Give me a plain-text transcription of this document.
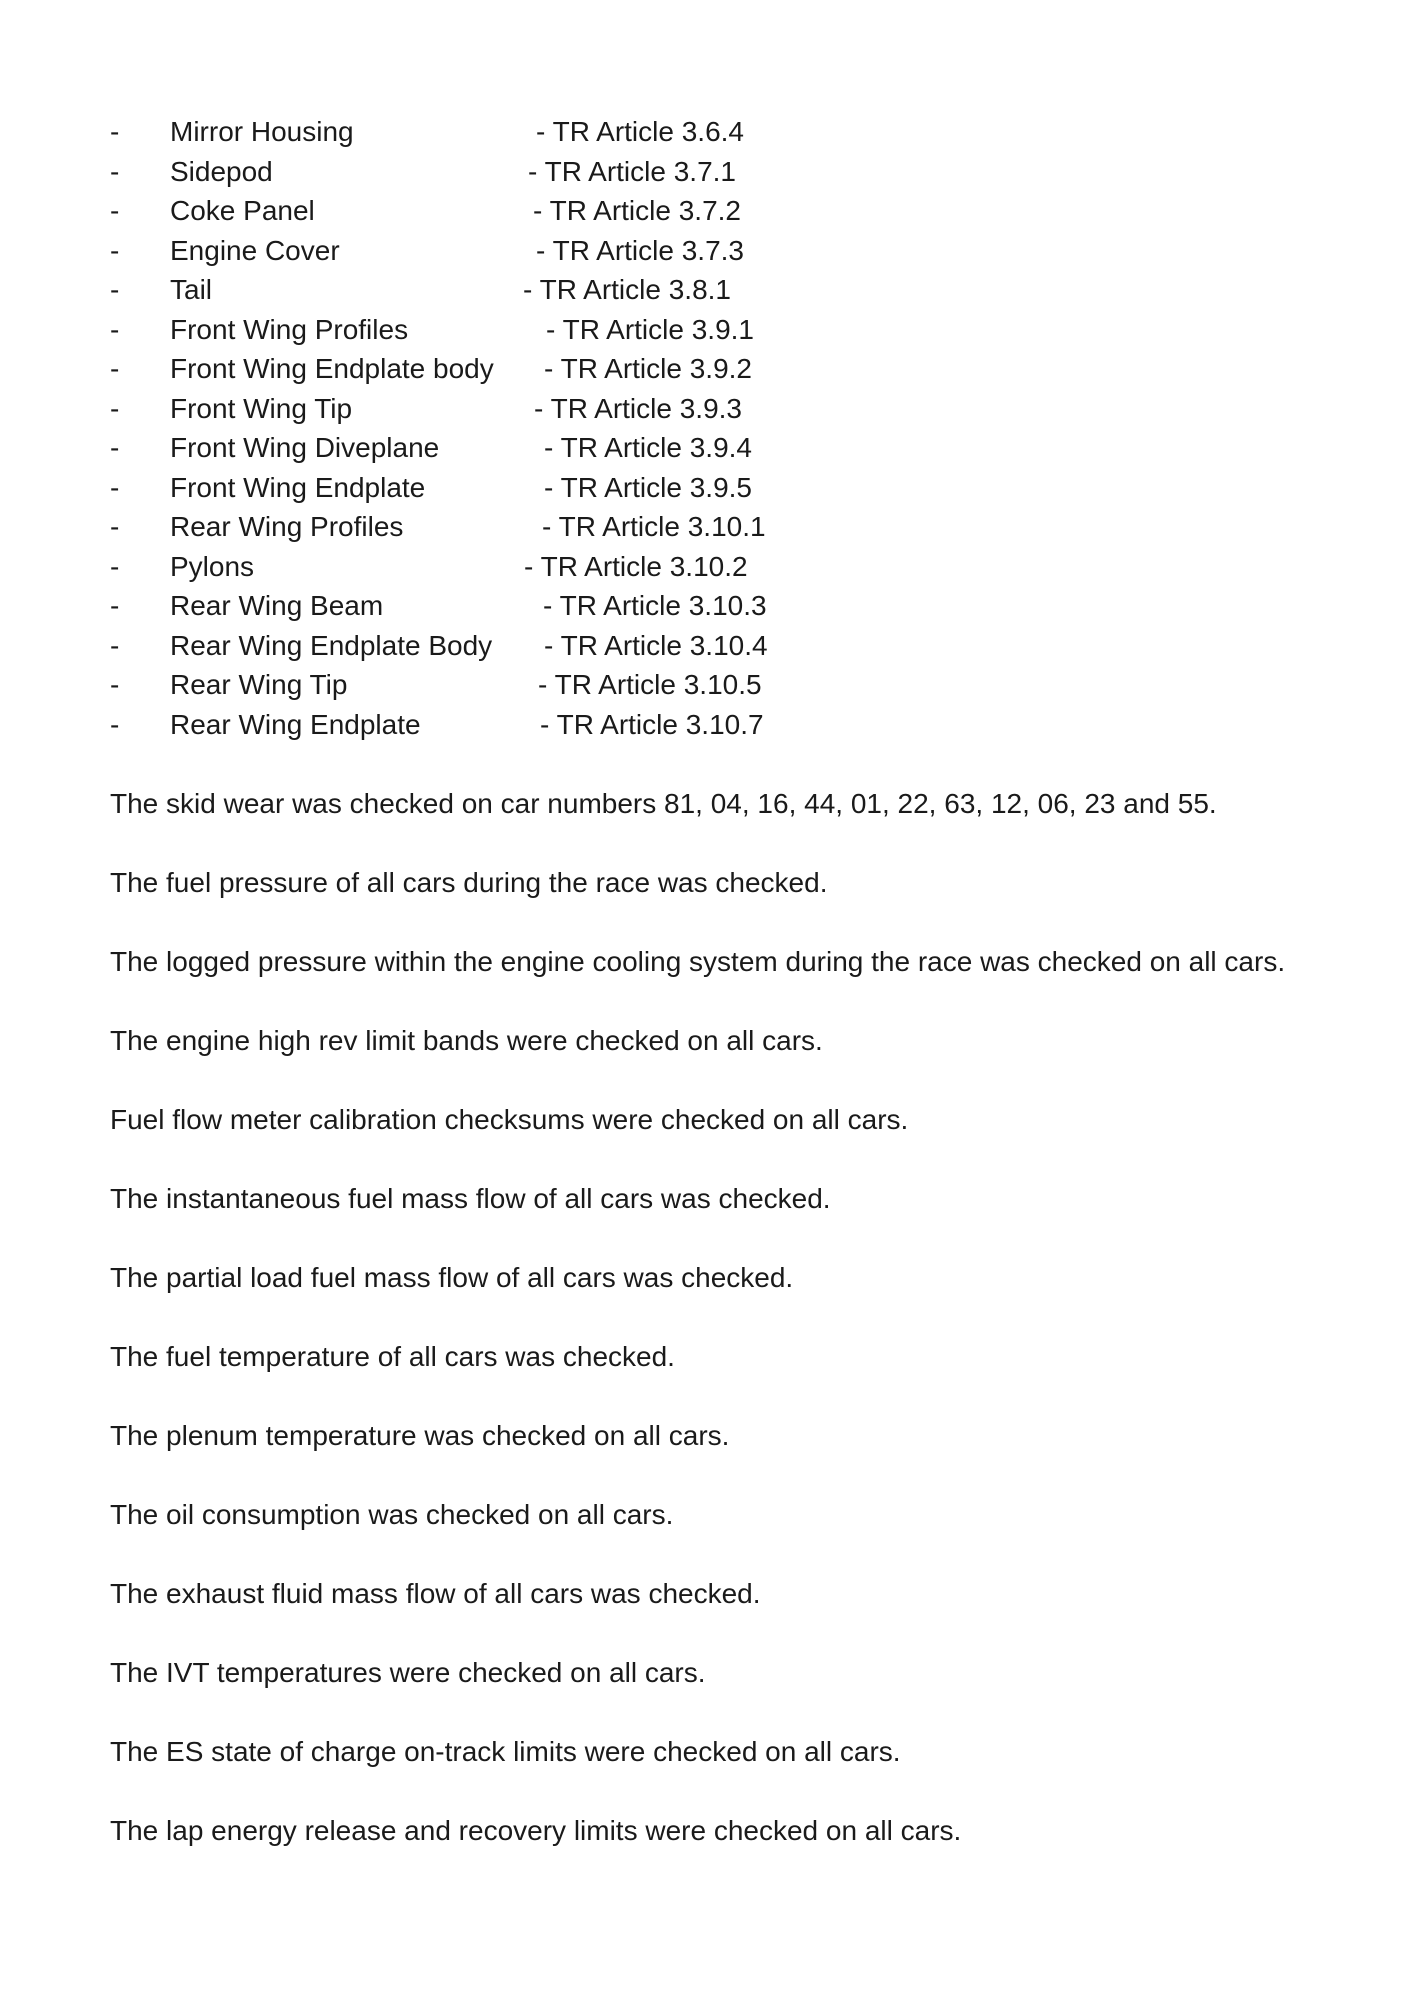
- Mirror Housing	- TR Article 3.6.4
- Sidepod	- TR Article 3.7.1
- Coke Panel	- TR Article 3.7.2
- Engine Cover	- TR Article 3.7.3
- Tail	- TR Article 3.8.1
- Front Wing Profiles	- TR Article 3.9.1
- Front Wing Endplate body - TR Article 3.9.2
- Front Wing Tip	- TR Article 3.9.3
- Front Wing Diveplane	- TR Article 3.9.4
- Front Wing Endplate	- TR Article 3.9.5
- Rear Wing Profiles	- TR Article 3.10.1
- Pylons	- TR Article 3.10.2
- Rear Wing Beam	- TR Article 3.10.3
- Rear Wing Endplate Body - TR Article 3.10.4
- Rear Wing Tip	- TR Article 3.10.5
- Rear Wing Endplate	- TR Article 3.10.7
The skid wear was checked on car numbers 81, 04, 16, 44, 01, 22, 63, 12, 06, 23 and 55.
The fuel pressure of all cars during the race was checked.
The logged pressure within the engine cooling system during the race was checked on all cars.
The engine high rev limit bands were checked on all cars.
Fuel flow meter calibration checksums were checked on all cars.
The instantaneous fuel mass flow of all cars was checked.
The partial load fuel mass flow of all cars was checked.
The fuel temperature of all cars was checked.
The plenum temperature was checked on all cars.
The oil consumption was checked on all cars.
The exhaust fluid mass flow of all cars was checked.
The IVT temperatures were checked on all cars.
The ES state of charge on-track limits were checked on all cars.
The lap energy release and recovery limits were checked on all cars.
